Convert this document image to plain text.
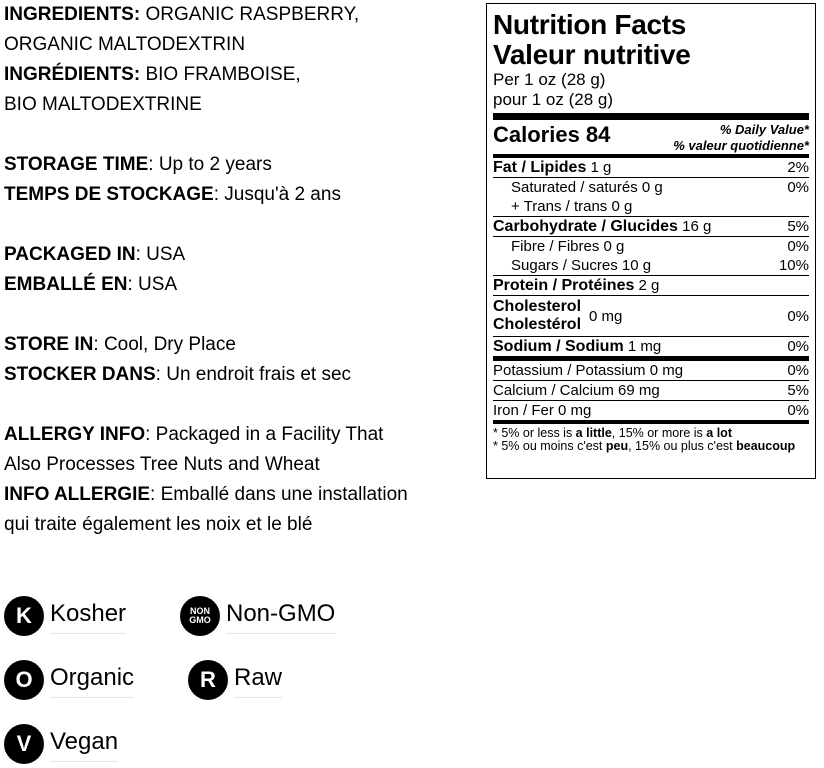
INGREDIENTS: ORGANIC RASPBERRY,
ORGANIC MALTODEXTRIN
INGRÉDIENTS: BIO FRAMBOISE,
BIO MALTODEXTRINE
STORAGE TIME: Up to 2 years
TEMPS DE STOCKAGE: Jusqu'à 2 ans
PACKAGED IN: USA
EMBALLÉ EN: USA
STORE IN: Cool, Dry Place
STOCKER DANS: Un endroit frais et sec
ALLERGY INFO: Packaged in a Facility That
Also Processes Tree Nuts and Wheat
INFO ALLERGIE: Emballé dans une installation
qui traite également les noix et le blé
K Kosher	NON
GMO Non-GMO
O Organic	R Raw
V Vegan
Nutrition Facts
Valeur nutritive
Per 1 oz (28 g)
pour 1 oz (28 g)
Calories 84	% Daily Value*
% valeur quotidienne*
Fat / Lipides 1 g	2%
Saturated / saturés 0 g	0%
+ Trans / trans 0 g
Carbohydrate / Glucides 16 g	5%
Fibre / Fibres 0 g	0%
Sugars / Sucres 10 g	10%
Protein / Protéines 2 g
Cholesterol
Cholestérol 0 mg	0%
Sodium / Sodium 1 mg	0%
Potassium / Potassium 0 mg	0%
Calcium / Calcium 69 mg	5%
Iron / Fer 0 mg	0%
* 5% or less is a little, 15% or more is a lot
* 5% ou moins c'est peu, 15% ou plus c'est beaucoup
